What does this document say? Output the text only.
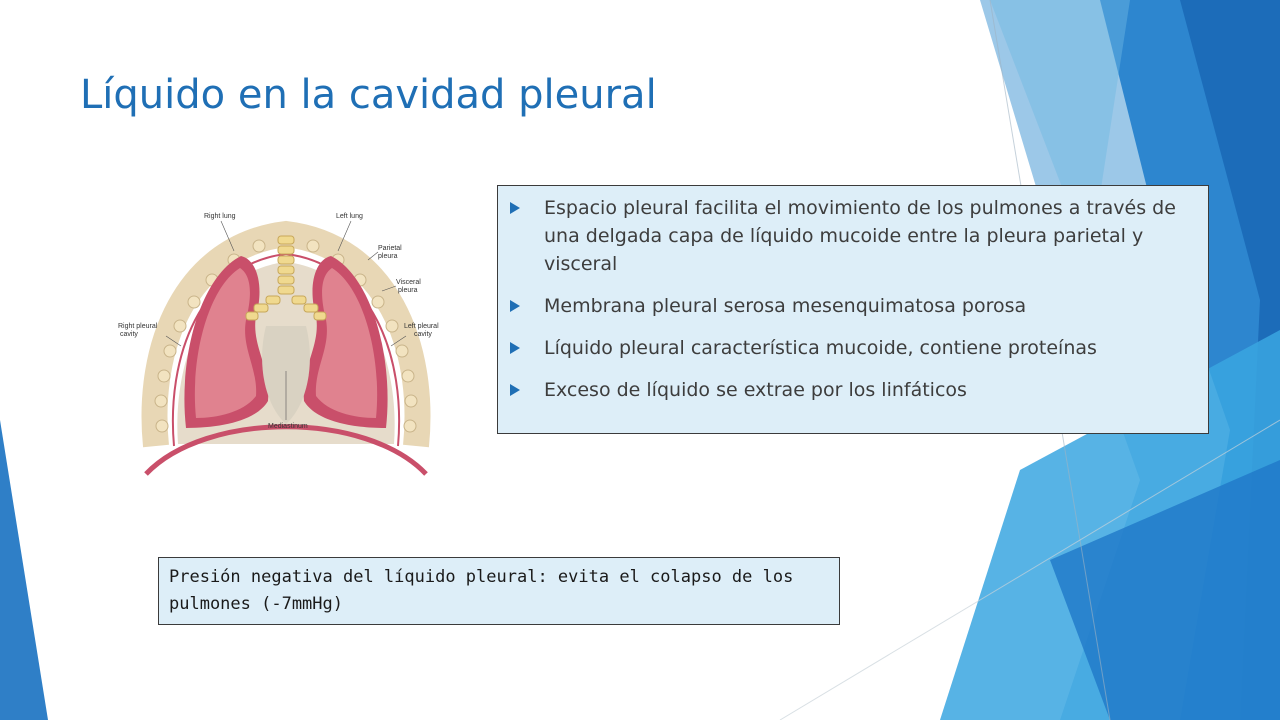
Líquido en la cavidad pleural
Right lung	Left lung
Parietal
pleura
Visceral
pleura
Right pleural
cavity
Left pleural
cavity
Mediastinum
Espacio pleural facilita el movimiento de los pulmones a través de una delgada capa de líquido mucoide entre la pleura parietal y visceral
Membrana pleural serosa mesenquimatosa porosa
Líquido pleural característica mucoide, contiene proteínas
Exceso de líquido se extrae por los linfáticos
Presión negativa del líquido pleural: evita el colapso de los pulmones (-7mmHg)
